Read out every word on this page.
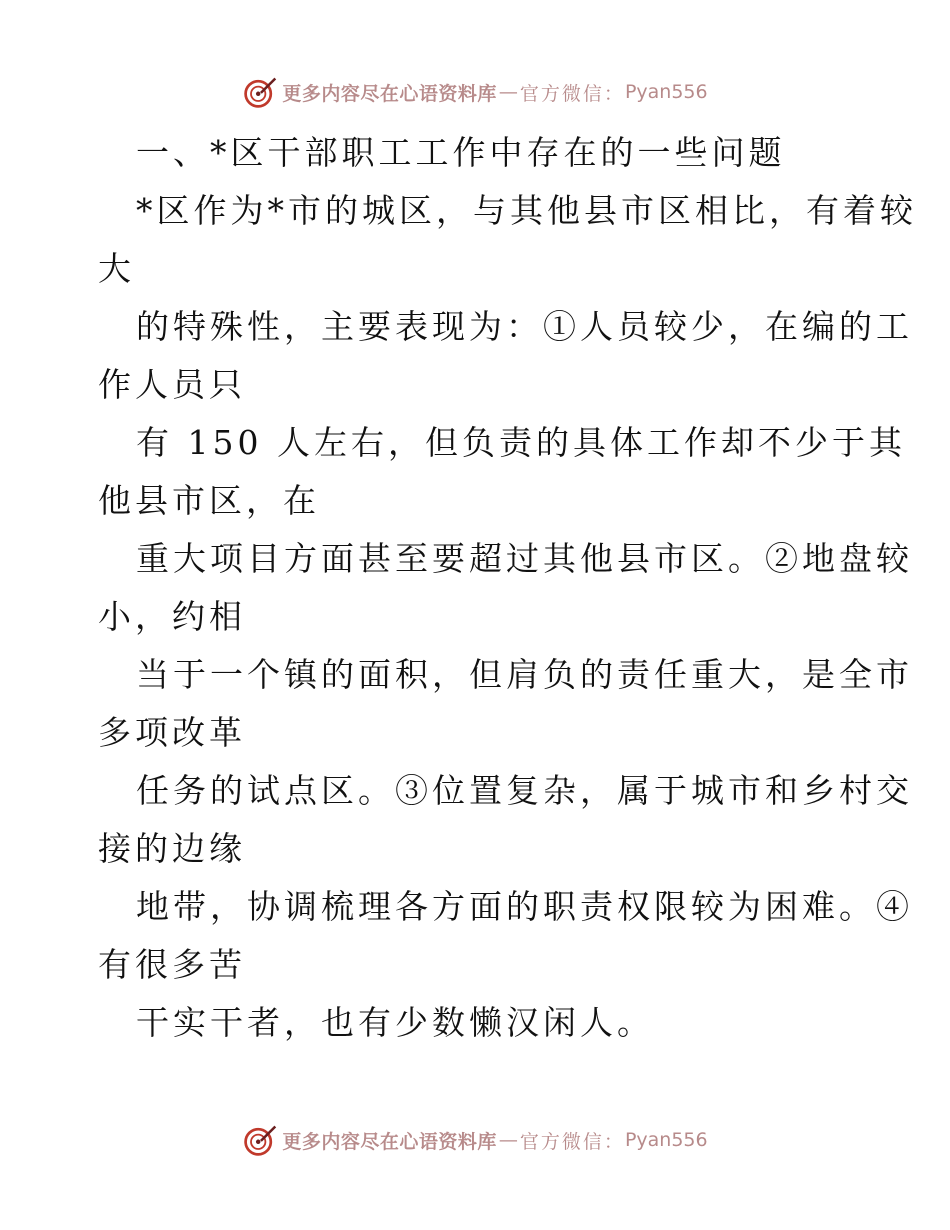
更多内容尽在心语资料库 — 官方微信： Pyan556
一、*区干部职工工作中存在的一些问题
*区作为*市的城区，与其他县市区相比，有着较
大
的特殊性，主要表现为：①人员较少，在编的工
作人员只
有 150 人左右，但负责的具体工作却不少于其
他县市区，在
重大项目方面甚至要超过其他县市区。②地盘较
小，约相
当于一个镇的面积，但肩负的责任重大，是全市
多项改革
任务的试点区。③位置复杂，属于城市和乡村交
接的边缘
地带，协调梳理各方面的职责权限较为困难。④
有很多苦
干实干者，也有少数懒汉闲人。
更多内容尽在心语资料库 — 官方微信： Pyan556
